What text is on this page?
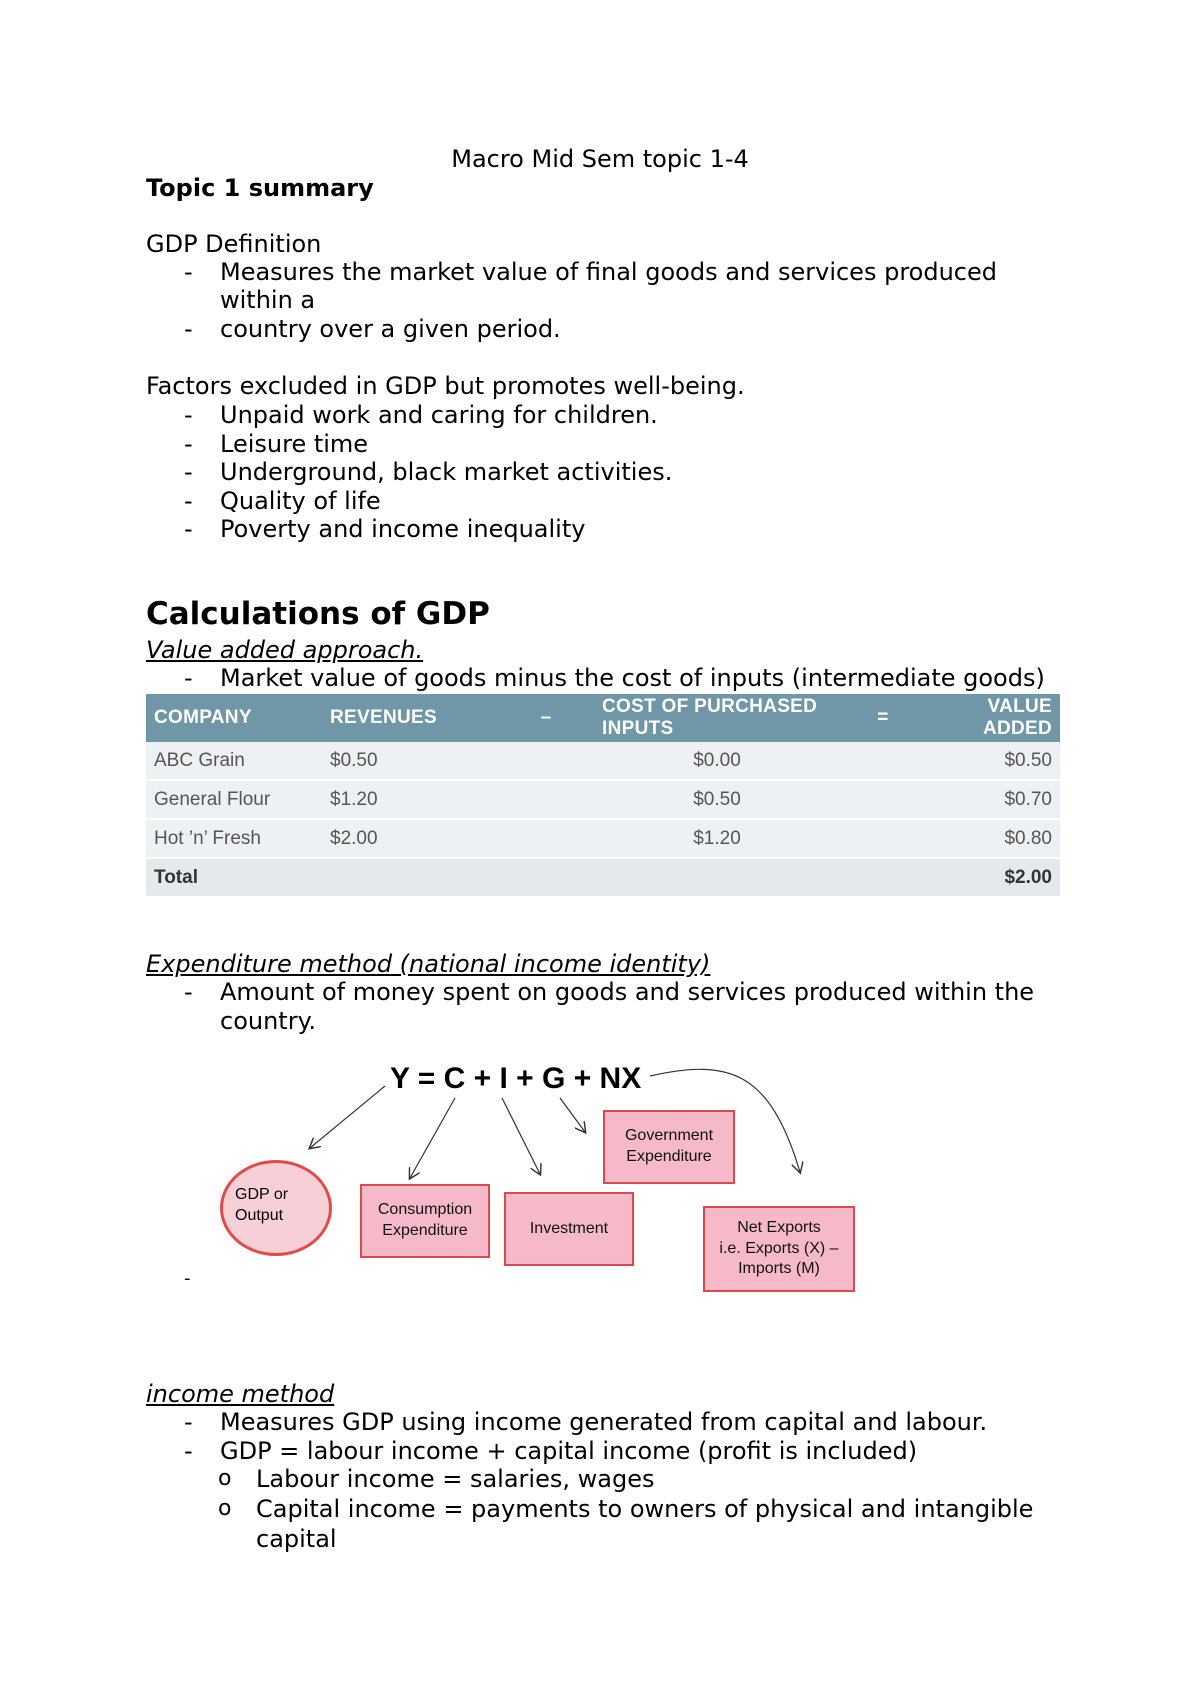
Macro Mid Sem topic 1-4
Topic 1 summary
GDP Definition
- Measures the market value of final goods and services produced
within a
- country over a given period.
Factors excluded in GDP but promotes well-being.
- Unpaid work and caring for children.
- Leisure time
- Underground, black market activities.
- Quality of life
- Poverty and income inequality
Calculations of GDP
Value added approach.
- Market value of goods minus the cost of inputs (intermediate goods)
COMPANY	REVENUES	–	COST OF PURCHASED INPUTS	=	VALUE ADDED
ABC Grain	$0.50		$0.00		$0.50
General Flour	$1.20		$0.50		$0.70
Hot ’n’ Fresh	$2.00		$1.20		$0.80
Total					$2.00
Expenditure method (national income identity)
- Amount of money spent on goods and services produced within the
country.
Y = C + I + G + NX
GDP or
Output	Consumption
Expenditure	Investment
Government
Expenditure
Net Exports
i.e. Exports (X) –
Imports (M)
-
income method
- Measures GDP using income generated from capital and labour.
- GDP = labour income + capital income (profit is included)
o Labour income = salaries, wages
o Capital income = payments to owners of physical and intangible
capital
